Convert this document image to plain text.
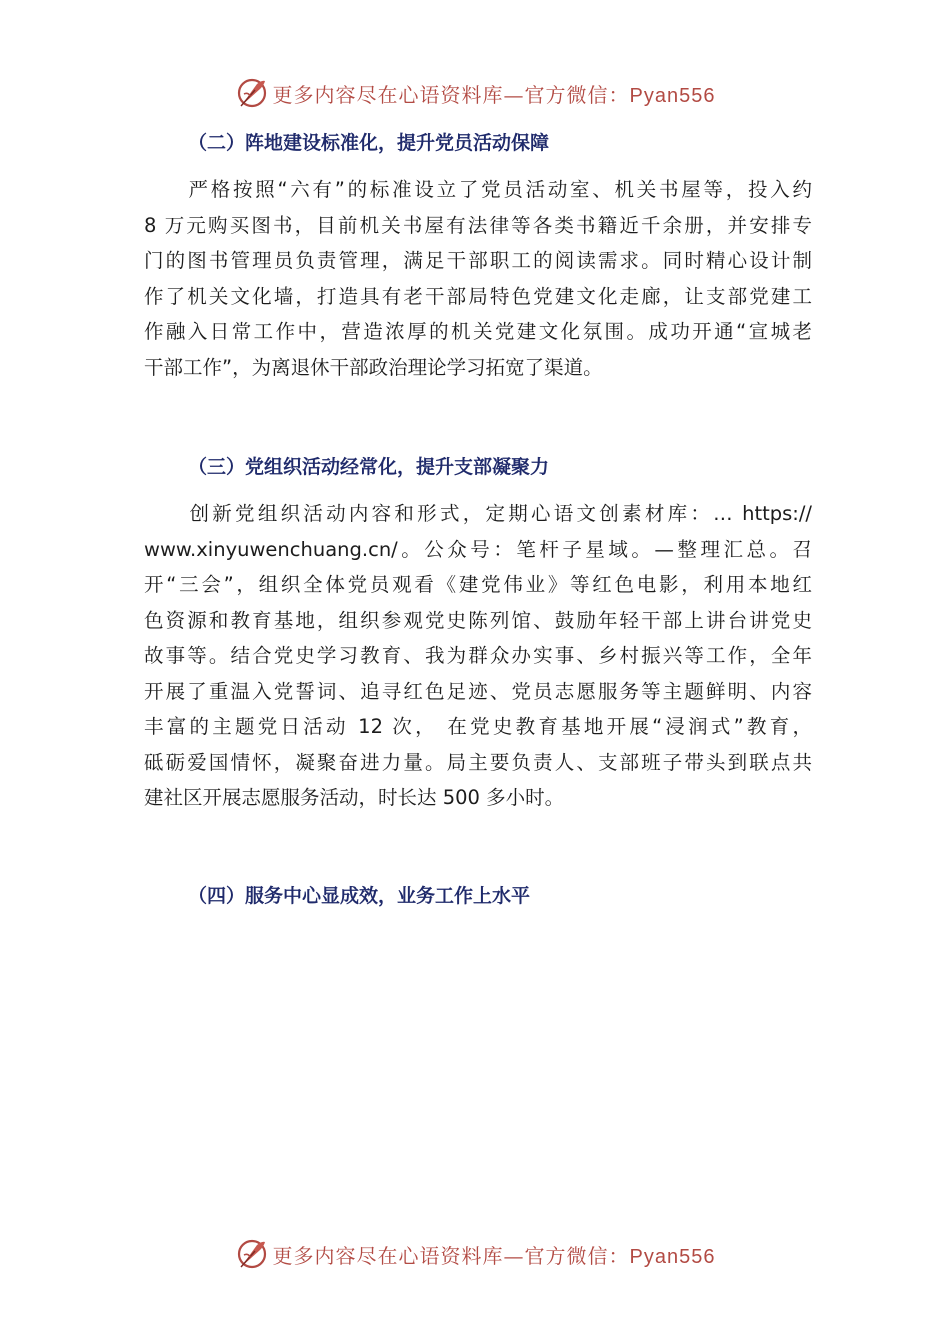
更多内容尽在心语资料库—官方微信：Pyan556
（二）阵地建设标准化，提升党员活动保障
　　严格按照“六有”的标准设立了党员活动室、机关书屋等，投入约
8 万元购买图书，目前机关书屋有法律等各类书籍近千余册，并安排专
门的图书管理员负责管理，满足干部职工的阅读需求。同时精心设计制
作了机关文化墙，打造具有老干部局特色党建文化走廊，让支部党建工
作融入日常工作中，营造浓厚的机关党建文化氛围。成功开通“宣城老
干部工作”，为离退休干部政治理论学习拓宽了渠道。
（三）党组织活动经常化，提升支部凝聚力
　　创新党组织活动内容和形式，定期心语文创素材库：… https://
www.xinyuwenchuang.cn/。公众号：笔杆子星域。—整理汇总。召
开“三会”，组织全体党员观看《建党伟业》等红色电影，利用本地红
色资源和教育基地，组织参观党史陈列馆、鼓励年轻干部上讲台讲党史
故事等。结合党史学习教育、我为群众办实事、乡村振兴等工作，全年
开展了重温入党誓词、追寻红色足迹、党员志愿服务等主题鲜明、内容
丰富的主题党日活动 12 次， 在党史教育基地开展“浸润式”教育，
砥砺爱国情怀，凝聚奋进力量。局主要负责人、支部班子带头到联点共
建社区开展志愿服务活动，时长达 500 多小时。
（四）服务中心显成效，业务工作上水平
更多内容尽在心语资料库—官方微信：Pyan556
